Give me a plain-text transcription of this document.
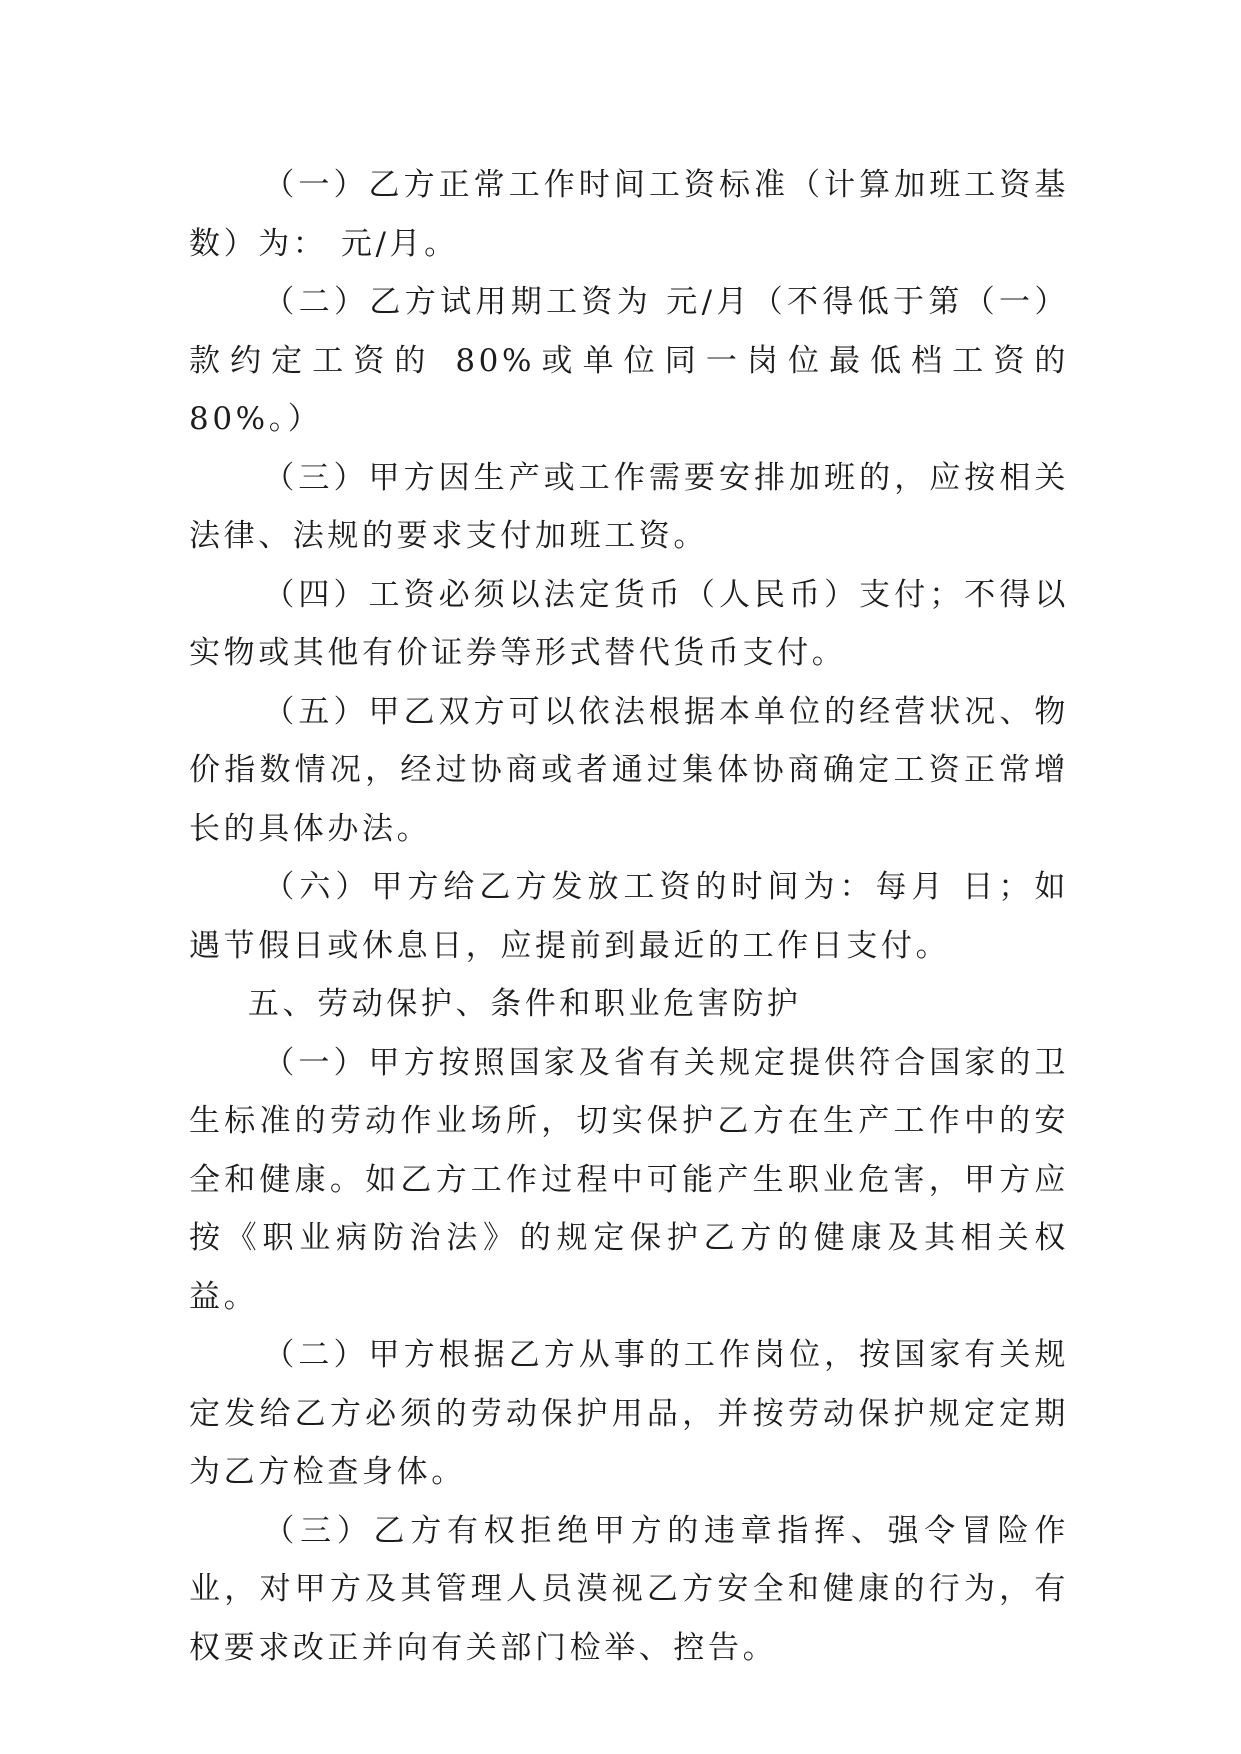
（一）乙方正常工作时间工资标准（计算加班工资基数）为： 元/月。

（二）乙方试用期工资为 元/月（不得低于第（一）款约定工资的 80%或单位同一岗位最低档工资的 80%。）

（三）甲方因生产或工作需要安排加班的，应按相关法律、法规的要求支付加班工资。

（四）工资必须以法定货币（人民币）支付；不得以实物或其他有价证券等形式替代货币支付。

（五）甲乙双方可以依法根据本单位的经营状况、物价指数情况，经过协商或者通过集体协商确定工资正常增长的具体办法。

（六）甲方给乙方发放工资的时间为：每月 日；如遇节假日或休息日，应提前到最近的工作日支付。

五、劳动保护、条件和职业危害防护

（一）甲方按照国家及省有关规定提供符合国家的卫生标准的劳动作业场所，切实保护乙方在生产工作中的安全和健康。如乙方工作过程中可能产生职业危害，甲方应按《职业病防治法》的规定保护乙方的健康及其相关权益。

（二）甲方根据乙方从事的工作岗位，按国家有关规定发给乙方必须的劳动保护用品，并按劳动保护规定定期为乙方检查身体。

（三）乙方有权拒绝甲方的违章指挥、强令冒险作业，对甲方及其管理人员漠视乙方安全和健康的行为，有权要求改正并向有关部门检举、控告。
